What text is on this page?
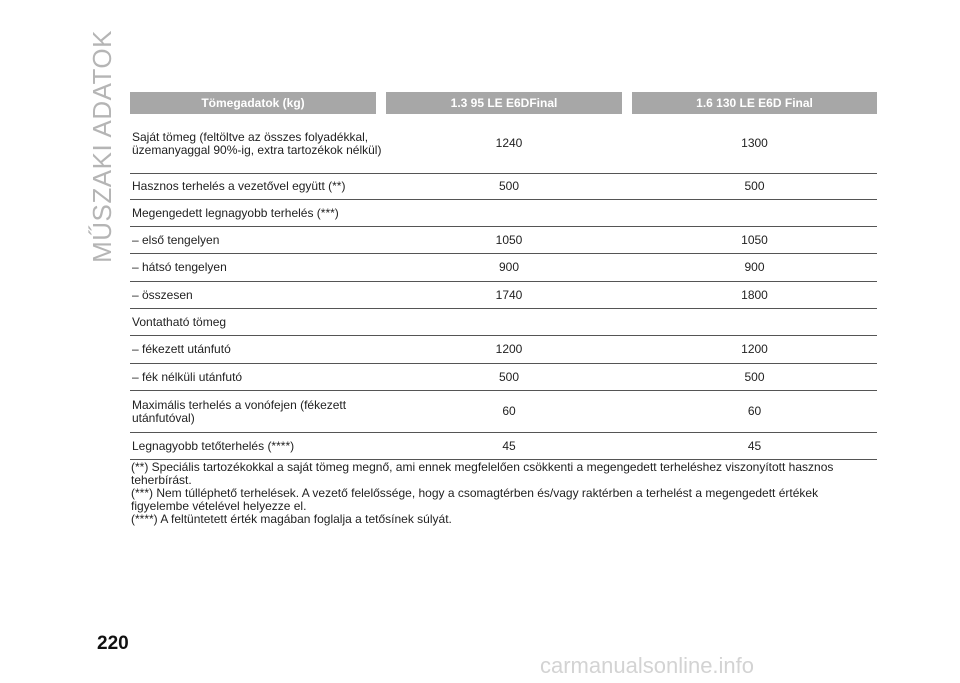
MŰSZAKI ADATOK	Tömegadatok (kg)	1.3 95 LE E6DFinal	1.6 130 LE E6D Final
Saját tömeg (feltöltve az összes folyadékkal, üzemanyaggal 90%-ig, extra tartozékok nélkül)	1240	1300
Hasznos terhelés a vezetővel együtt (**)	500	500
Megengedett legnagyobb terhelés (***)
– első tengelyen	1050	1050
– hátsó tengelyen	900	900
– összesen	1740	1800
Vontatható tömeg
– fékezett utánfutó	1200	1200
– fék nélküli utánfutó	500	500
Maximális terhelés a vonófejen (fékezett utánfutóval)	60	60
Legnagyobb tetőterhelés (****)	45	45

(**) Speciális tartozékokkal a saját tömeg megnő, ami ennek megfelelően csökkenti a megengedett terheléshez viszonyított hasznos teherbírást.

(***) Nem túlléphető terhelések. A vezető felelőssége, hogy a csomagtérben és/vagy raktérben a terhelést a megengedett értékek figyelembe vételével helyezze el.

(****) A feltüntetett érték magában foglalja a tetősínek súlyát.

220
carmanualsonline.info
